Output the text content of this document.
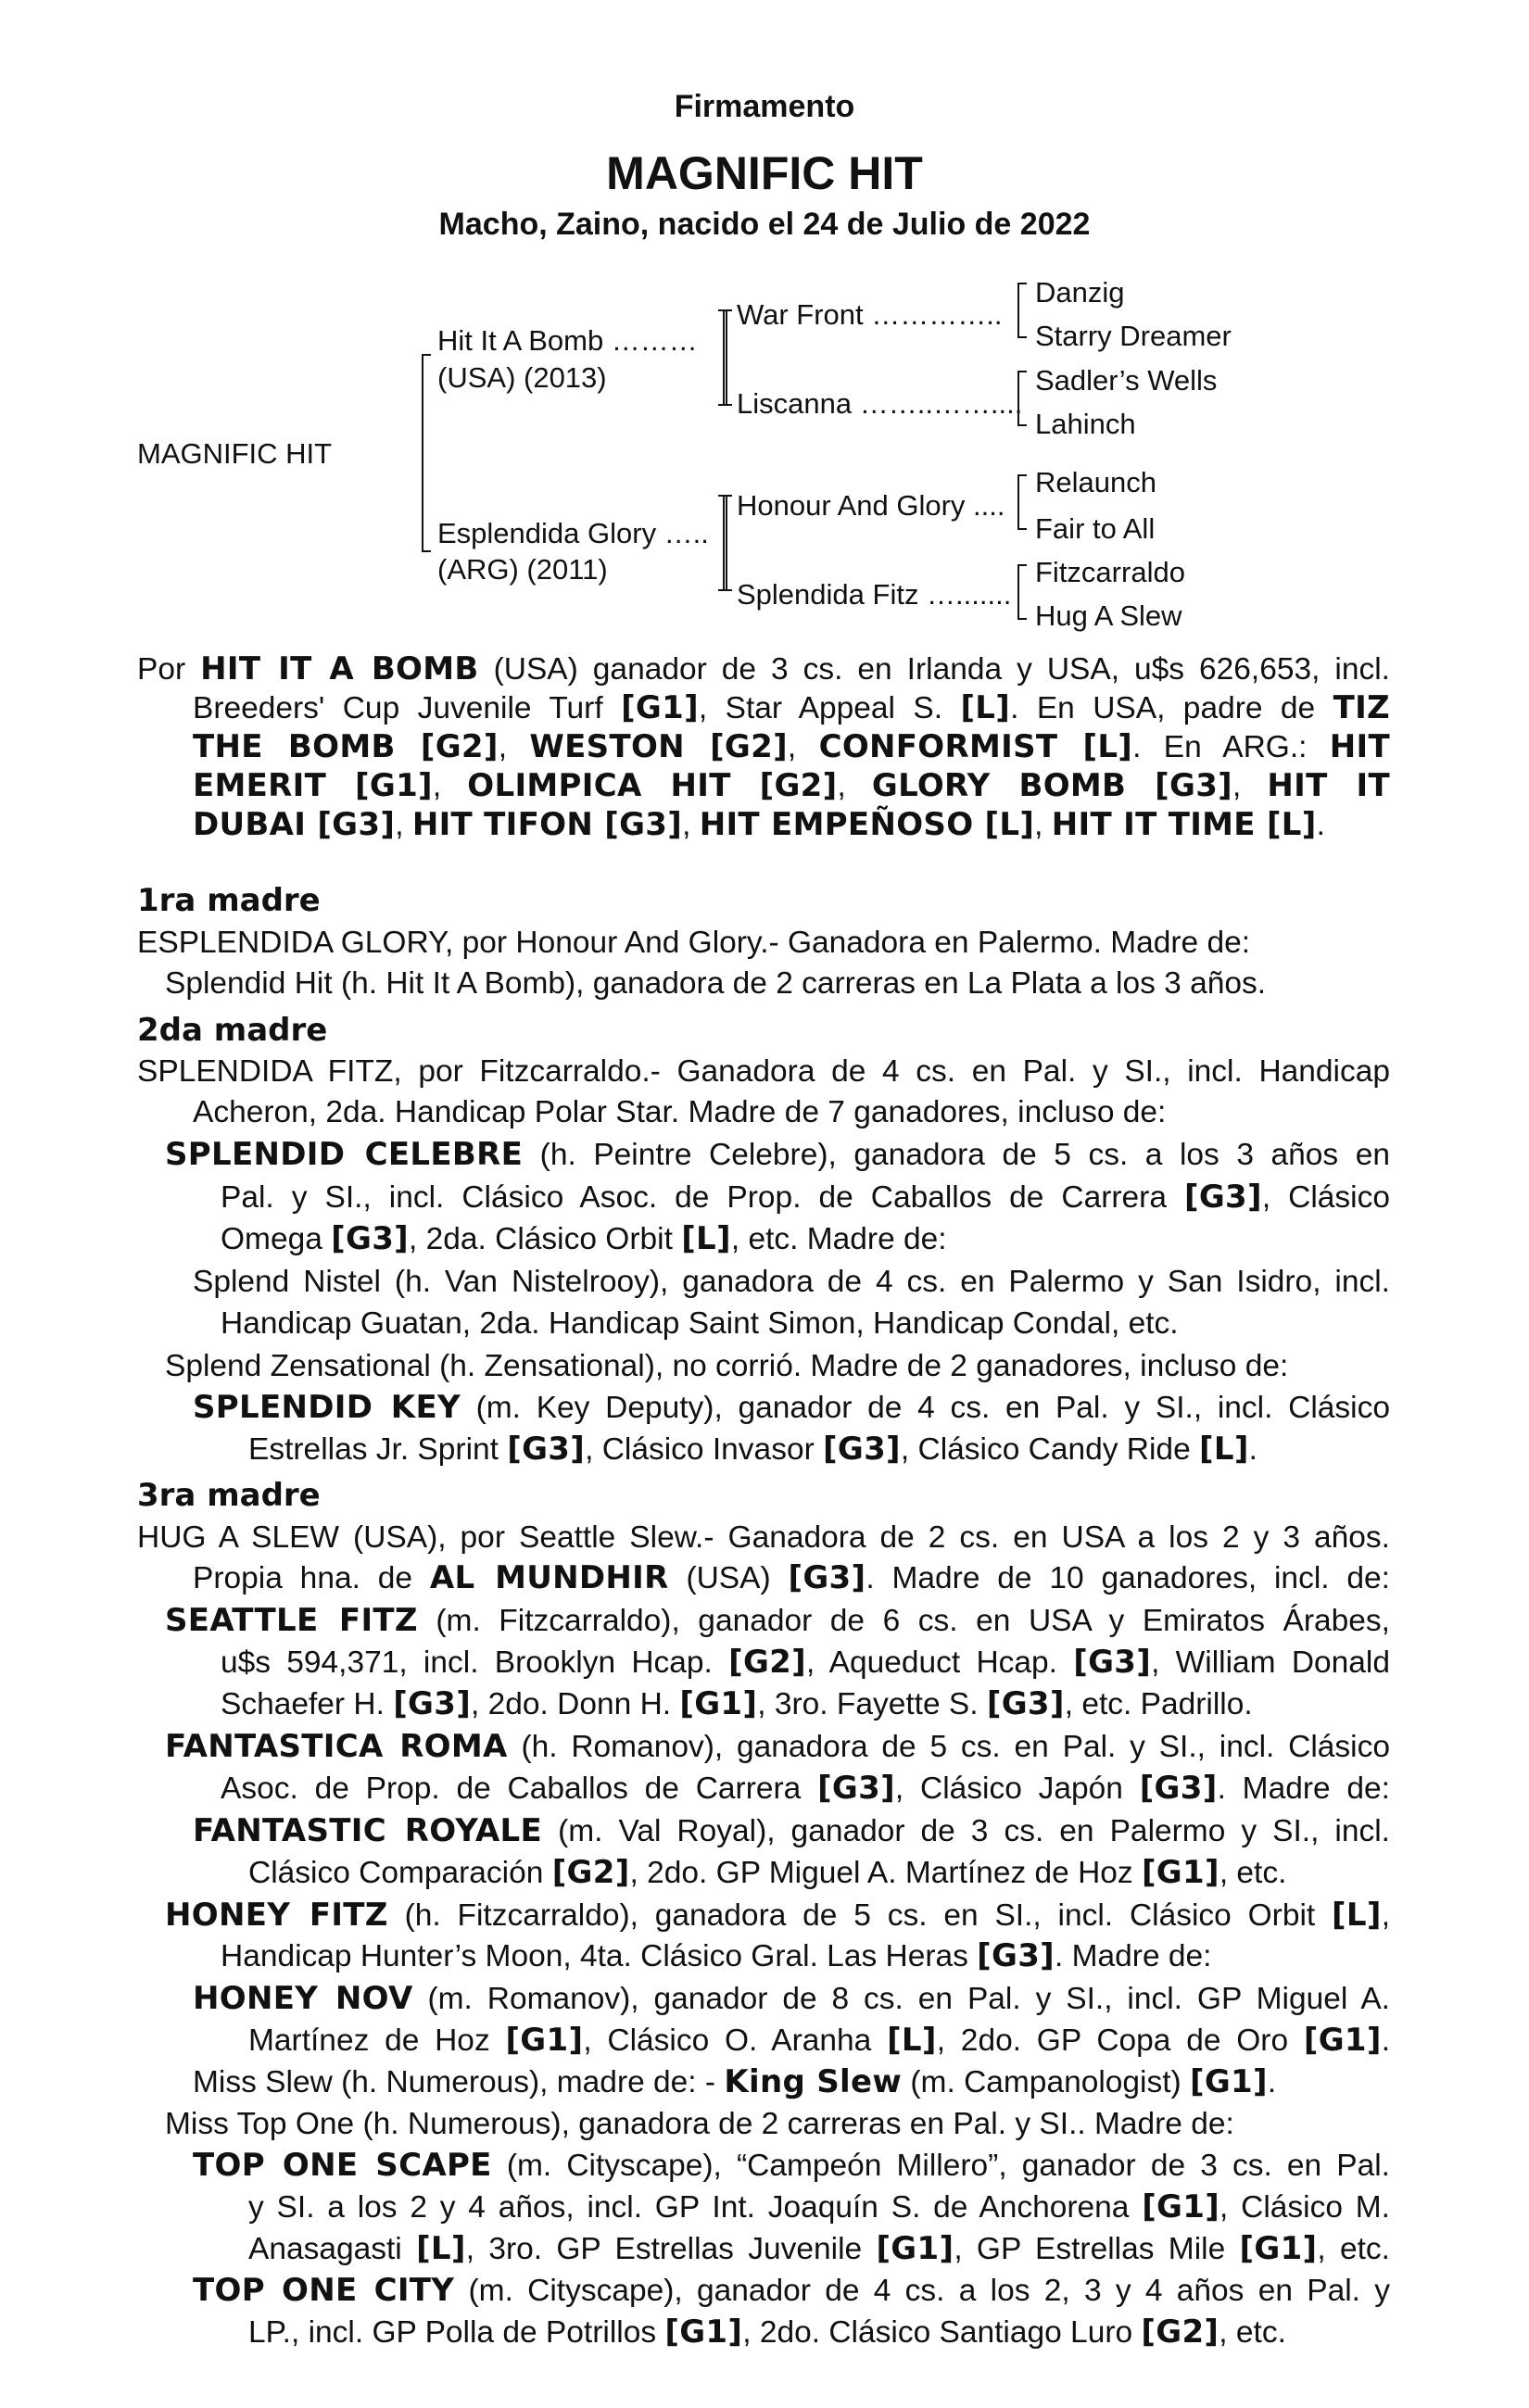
Firmamento
MAGNIFIC HIT
Macho, Zaino, nacido el 24 de Julio de 2022
MAGNIFIC HIT
Hit It A Bomb ………
(USA) (2013)
Esplendida Glory …..
(ARG) (2011)
War Front …………..
Liscanna ……..……....
Honour And Glory ....
Splendida Fitz ….......
Danzig
Starry Dreamer
Sadler’s Wells
Lahinch
Relaunch
Fair to All
Fitzcarraldo
Hug A Slew
Por HIT IT A BOMB (USA) ganador de 3 cs. en Irlanda y USA, u$s 626,653, incl.
Breeders' Cup Juvenile Turf [G1], Star Appeal S. [L]. En USA, padre de TIZ
THE BOMB [G2], WESTON [G2], CONFORMIST [L]. En ARG.: HIT
EMERIT [G1], OLIMPICA HIT [G2], GLORY BOMB [G3], HIT IT
DUBAI [G3], HIT TIFON [G3], HIT EMPEÑOSO [L], HIT IT TIME [L].
1ra madre
ESPLENDIDA GLORY, por Honour And Glory.- Ganadora en Palermo. Madre de:
Splendid Hit (h. Hit It A Bomb), ganadora de 2 carreras en La Plata a los 3 años.
2da madre
SPLENDIDA FITZ, por Fitzcarraldo.- Ganadora de 4 cs. en Pal. y SI., incl. Handicap
Acheron, 2da. Handicap Polar Star. Madre de 7 ganadores, incluso de:
SPLENDID CELEBRE (h. Peintre Celebre), ganadora de 5 cs. a los 3 años en
Pal. y SI., incl. Clásico Asoc. de Prop. de Caballos de Carrera [G3], Clásico
Omega [G3], 2da. Clásico Orbit [L], etc. Madre de:
Splend Nistel (h. Van Nistelrooy), ganadora de 4 cs. en Palermo y San Isidro, incl.
Handicap Guatan, 2da. Handicap Saint Simon, Handicap Condal, etc.
Splend Zensational (h. Zensational), no corrió. Madre de 2 ganadores, incluso de:
SPLENDID KEY (m. Key Deputy), ganador de 4 cs. en Pal. y SI., incl. Clásico
Estrellas Jr. Sprint [G3], Clásico Invasor [G3], Clásico Candy Ride [L].
3ra madre
HUG A SLEW (USA), por Seattle Slew.- Ganadora de 2 cs. en USA a los 2 y 3 años.
Propia hna. de AL MUNDHIR (USA) [G3]. Madre de 10 ganadores, incl. de:
SEATTLE FITZ (m. Fitzcarraldo), ganador de 6 cs. en USA y Emiratos Árabes,
u$s 594,371, incl. Brooklyn Hcap. [G2], Aqueduct Hcap. [G3], William Donald
Schaefer H. [G3], 2do. Donn H. [G1], 3ro. Fayette S. [G3], etc. Padrillo.
FANTASTICA ROMA (h. Romanov), ganadora de 5 cs. en Pal. y SI., incl. Clásico
Asoc. de Prop. de Caballos de Carrera [G3], Clásico Japón [G3]. Madre de:
FANTASTIC ROYALE (m. Val Royal), ganador de 3 cs. en Palermo y SI., incl.
Clásico Comparación [G2], 2do. GP Miguel A. Martínez de Hoz [G1], etc.
HONEY FITZ (h. Fitzcarraldo), ganadora de 5 cs. en SI., incl. Clásico Orbit [L],
Handicap Hunter’s Moon, 4ta. Clásico Gral. Las Heras [G3]. Madre de:
HONEY NOV (m. Romanov), ganador de 8 cs. en Pal. y SI., incl. GP Miguel A.
Martínez de Hoz [G1], Clásico O. Aranha [L], 2do. GP Copa de Oro [G1].
Miss Slew (h. Numerous), madre de: - King Slew (m. Campanologist) [G1].
Miss Top One (h. Numerous), ganadora de 2 carreras en Pal. y SI.. Madre de:
TOP ONE SCAPE (m. Cityscape), “Campeón Millero”, ganador de 3 cs. en Pal.
y SI. a los 2 y 4 años, incl. GP Int. Joaquín S. de Anchorena [G1], Clásico M.
Anasagasti [L], 3ro. GP Estrellas Juvenile [G1], GP Estrellas Mile [G1], etc.
TOP ONE CITY (m. Cityscape), ganador de 4 cs. a los 2, 3 y 4 años en Pal. y
LP., incl. GP Polla de Potrillos [G1], 2do. Clásico Santiago Luro [G2], etc.
